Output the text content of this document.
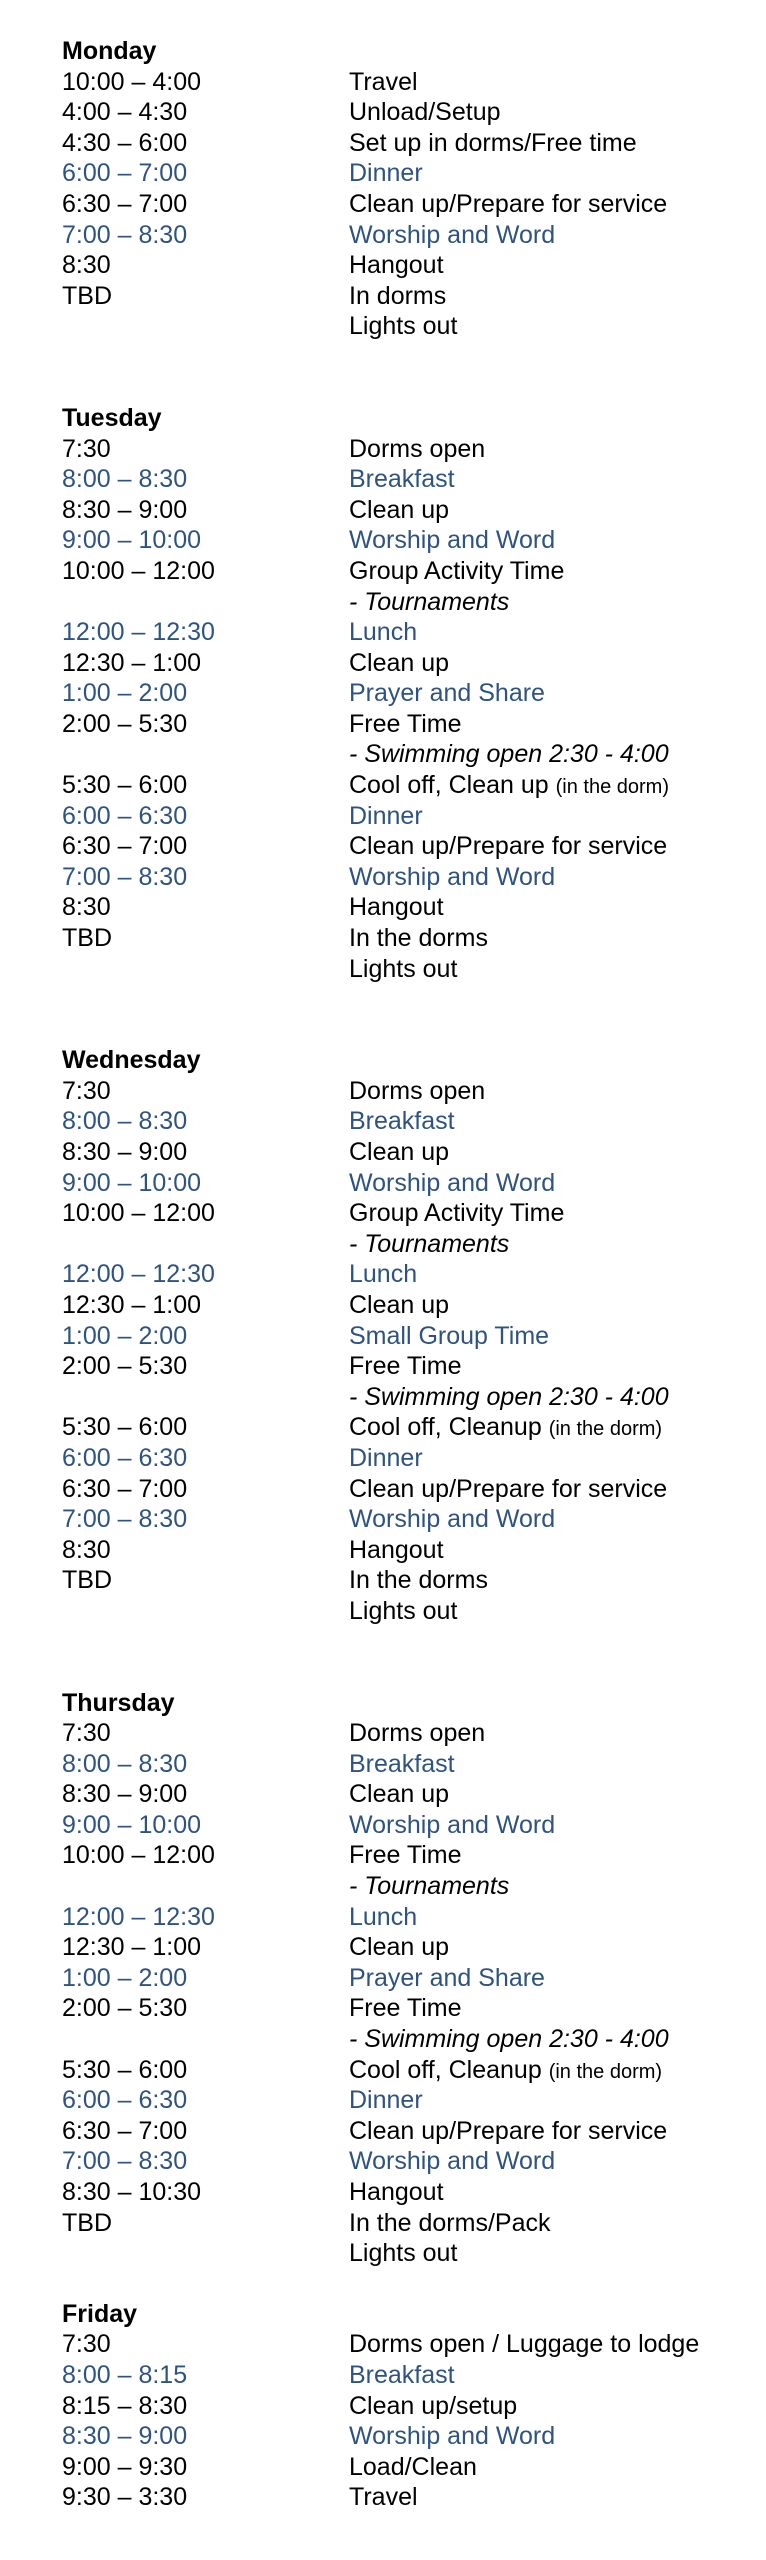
Monday
10:00 – 4:00	Travel
4:00 – 4:30	Unload/Setup
4:30 – 6:00	Set up in dorms/Free time
6:00 – 7:00	Dinner
6:30 – 7:00	Clean up/Prepare for service
7:00 – 8:30	Worship and Word
8:30	Hangout
TBD	In dorms
Lights out
Tuesday
7:30	Dorms open
8:00 – 8:30	Breakfast
8:30 – 9:00	Clean up
9:00 – 10:00	Worship and Word
10:00 – 12:00	Group Activity Time
- Tournaments
12:00 – 12:30	Lunch
12:30 – 1:00	Clean up
1:00 – 2:00	Prayer and Share
2:00 – 5:30	Free Time
- Swimming open 2:30 - 4:00
5:30 – 6:00	Cool off, Clean up (in the dorm)
6:00 – 6:30	Dinner
6:30 – 7:00	Clean up/Prepare for service
7:00 – 8:30	Worship and Word
8:30	Hangout
TBD	In the dorms
Lights out
Wednesday
7:30	Dorms open
8:00 – 8:30	Breakfast
8:30 – 9:00	Clean up
9:00 – 10:00	Worship and Word
10:00 – 12:00	Group Activity Time
- Tournaments
12:00 – 12:30	Lunch
12:30 – 1:00	Clean up
1:00 – 2:00	Small Group Time
2:00 – 5:30	Free Time
- Swimming open 2:30 - 4:00
5:30 – 6:00	Cool off, Cleanup (in the dorm)
6:00 – 6:30	Dinner
6:30 – 7:00	Clean up/Prepare for service
7:00 – 8:30	Worship and Word
8:30	Hangout
TBD	In the dorms
Lights out
Thursday
7:30	Dorms open
8:00 – 8:30	Breakfast
8:30 – 9:00	Clean up
9:00 – 10:00	Worship and Word
10:00 – 12:00	Free Time
- Tournaments
12:00 – 12:30	Lunch
12:30 – 1:00	Clean up
1:00 – 2:00	Prayer and Share
2:00 – 5:30	Free Time
- Swimming open 2:30 - 4:00
5:30 – 6:00	Cool off, Cleanup (in the dorm)
6:00 – 6:30	Dinner
6:30 – 7:00	Clean up/Prepare for service
7:00 – 8:30	Worship and Word
8:30 – 10:30	Hangout
TBD	In the dorms/Pack
Lights out
Friday
7:30	Dorms open / Luggage to lodge
8:00 – 8:15	Breakfast
8:15 – 8:30	Clean up/setup
8:30 – 9:00	Worship and Word
9:00 – 9:30	Load/Clean
9:30 – 3:30	Travel
